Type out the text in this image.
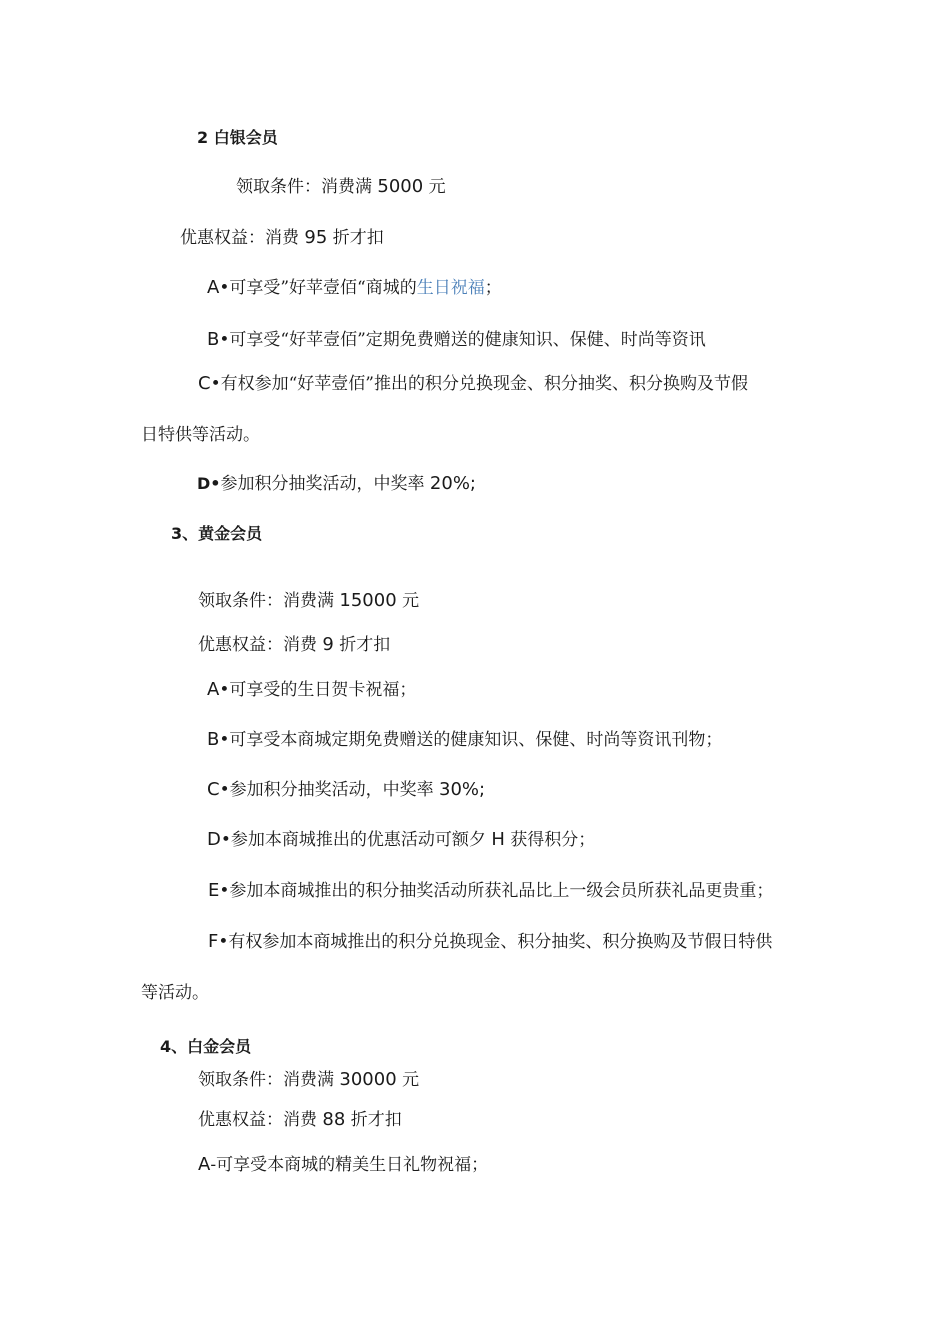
2 白银会员
领取条件：消费满 5000 元
优惠权益：消费 95 折才扣
A•可享受”好苹壹佰“商城的生日祝福；
B•可享受“好苹壹佰”定期免费赠送的健康知识、保健、时尚等资讯
C•有权参加“好苹壹佰”推出的积分兑换现金、积分抽奖、积分换购及节假
日特供等活动。
D•参加积分抽奖活动，中奖率 20%;
3、黄金会员
领取条件：消费满 15000 元
优惠权益：消费 9 折才扣
A•可享受的生日贺卡祝福；
B•可享受本商城定期免费赠送的健康知识、保健、时尚等资讯刊物；
C•参加积分抽奖活动，中奖率 30%;
D•参加本商城推出的优惠活动可额夕 H 获得积分；
E•参加本商城推出的积分抽奖活动所获礼品比上一级会员所获礼品更贵重；
F•有权参加本商城推出的积分兑换现金、积分抽奖、积分换购及节假日特供
等活动。
4、白金会员
领取条件：消费满 30000 元
优惠权益：消费 88 折才扣
A-可享受本商城的精美生日礼物祝福；
